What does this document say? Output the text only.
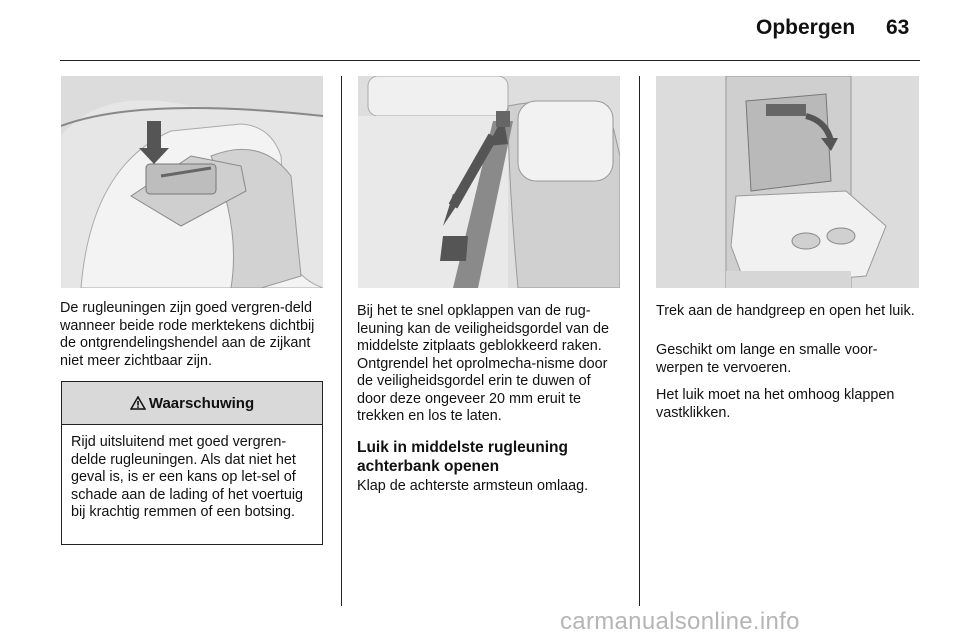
Opbergen 63

De rugleuningen zijn goed vergren-deld wanneer beide rode merktekens dichtbij de ontgrendelingshendel aan de zijkant niet meer zichtbaar zijn.

Waarschuwing
Rijd uitsluitend met goed vergren-delde rugleuningen. Als dat niet het geval is, is er een kans op let-sel of schade aan de lading of het voertuig bij krachtig remmen of een botsing.

Bij het te snel opklappen van de rug-leuning kan de veiligheidsgordel van de middelste zitplaats geblokkeerd raken. Ontgrendel het oprolmecha-nisme door de veiligheidsgordel erin te duwen of door deze ongeveer 20 mm eruit te trekken en los te laten.

Luik in middelste rugleuning achterbank openen

Klap de achterste armsteun omlaag.

Trek aan de handgreep en open het luik.

Geschikt om lange en smalle voor-werpen te vervoeren.

Het luik moet na het omhoog klappen vastklikken.

carmanualsonline.info
